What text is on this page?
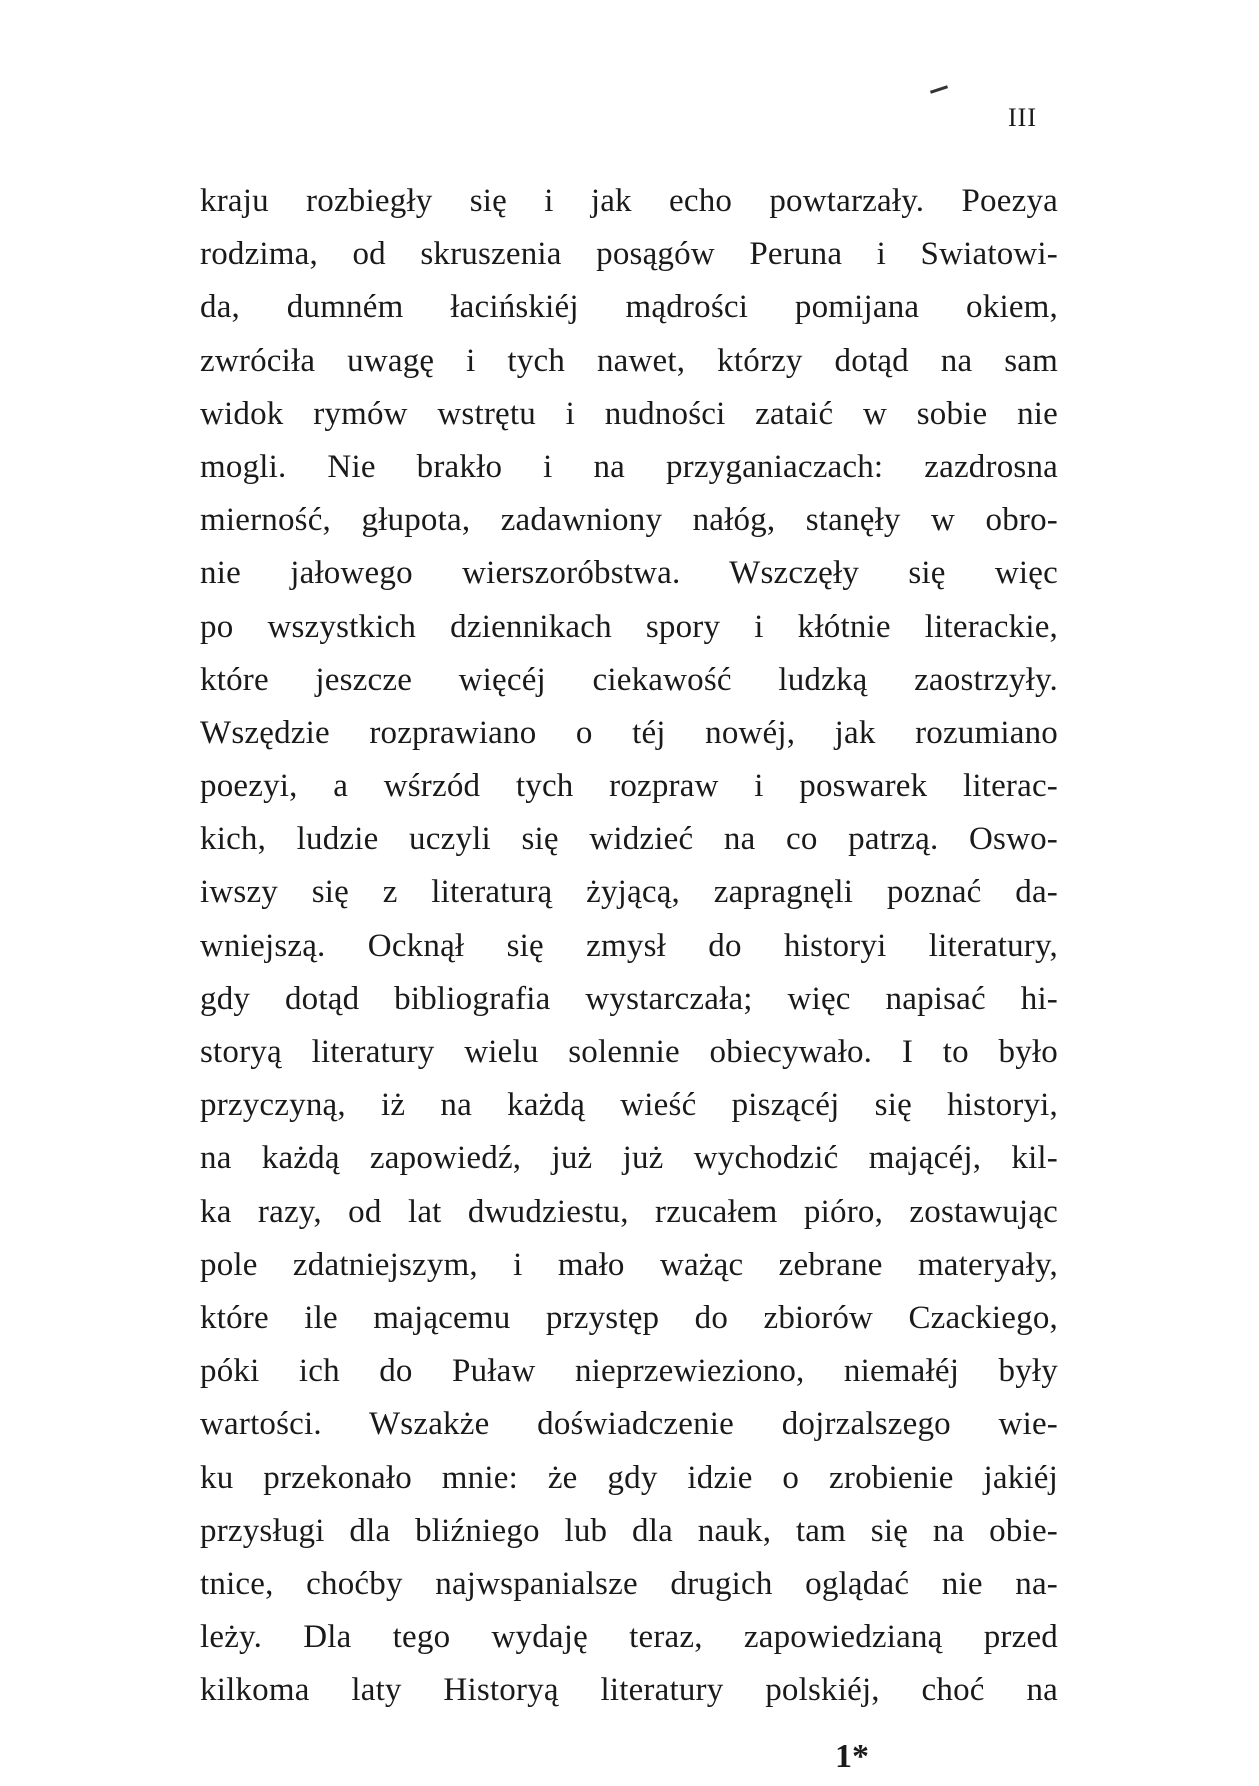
III
kraju rozbiegły się i jak echo powtarzały. Poezya
rodzima, od skruszenia posągów Peruna i Swiatowi-
da, dumném łacińskiéj mądrości pomijana okiem,
zwróciła uwagę i tych nawet, którzy dotąd na sam
widok rymów wstrętu i nudności zataić w sobie nie
mogli. Nie brakło i na przyganiaczach: zazdrosna
mierność, głupota, zadawniony nałóg, stanęły w obro-
nie jałowego wierszoróbstwa. Wszczęły się więc
po wszystkich dziennikach spory i kłótnie literackie,
które jeszcze więcéj ciekawość ludzką zaostrzyły.
Wszędzie rozprawiano o téj nowéj, jak rozumiano
poezyi, a wśrzód tych rozpraw i poswarek literac-
kich, ludzie uczyli się widzieć na co patrzą. Oswo-
iwszy się z literaturą żyjącą, zapragnęli poznać da-
wniejszą. Ocknął się zmysł do historyi literatury,
gdy dotąd bibliografia wystarczała; więc napisać hi-
storyą literatury wielu solennie obiecywało. I to było
przyczyną, iż na każdą wieść piszącéj się historyi,
na każdą zapowiedź, już już wychodzić mającéj, kil-
ka razy, od lat dwudziestu, rzucałem pióro, zostawując
pole zdatniejszym, i mało ważąc zebrane materyały,
które ile mającemu przystęp do zbiorów Czackiego,
póki ich do Puław nieprzewieziono, niemałéj były
wartości. Wszakże doświadczenie dojrzalszego wie-
ku przekonało mnie: że gdy idzie o zrobienie jakiéj
przysługi dla bliźniego lub dla nauk, tam się na obie-
tnice, choćby najwspanialsze drugich oglądać nie na-
leży. Dla tego wydaję teraz, zapowiedzianą przed
kilkoma laty Historyą literatury polskiéj, choć na
1*
